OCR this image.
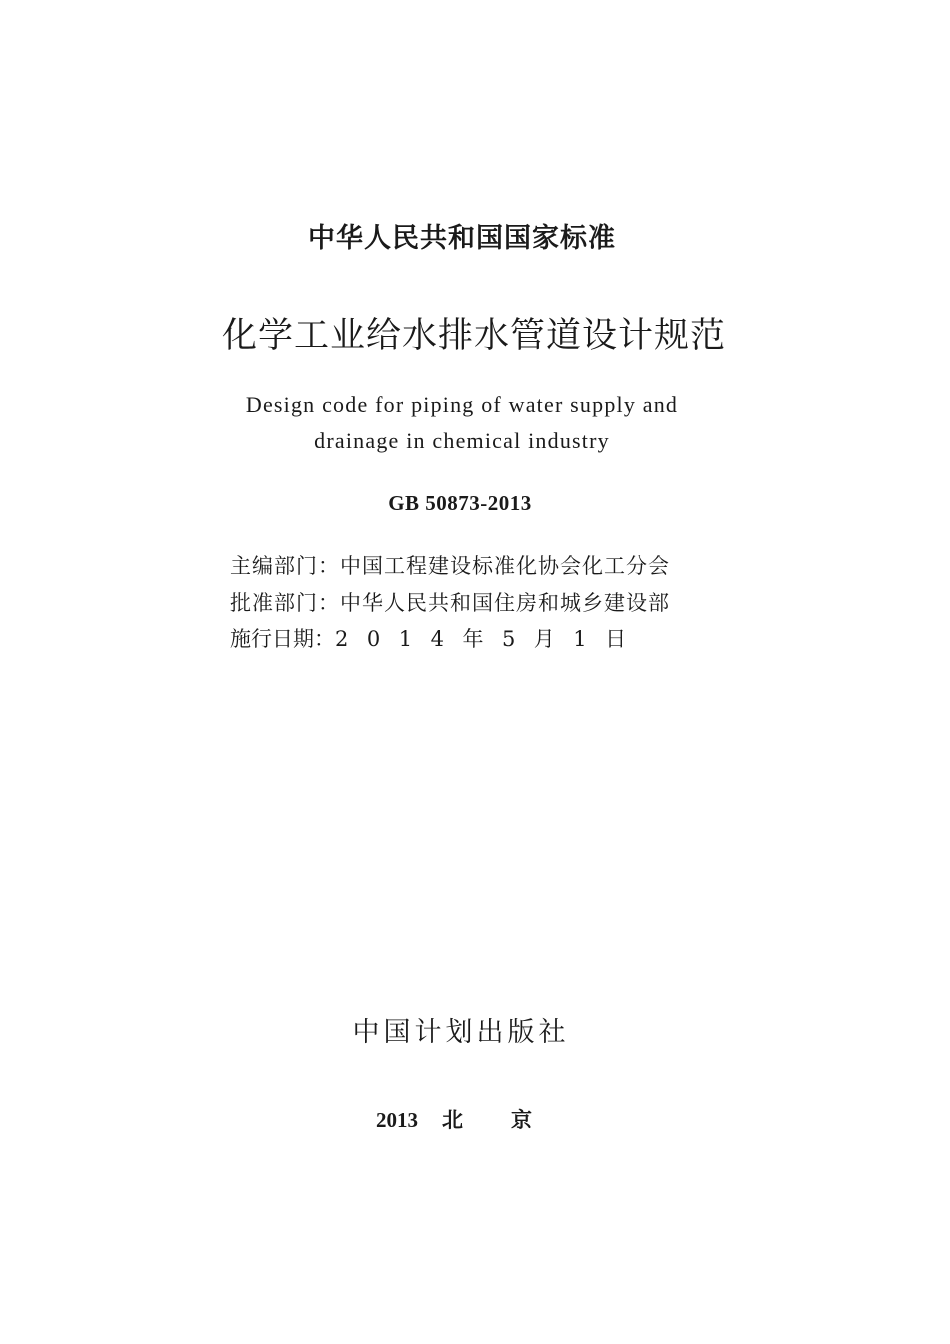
中华人民共和国国家标准
化学工业给水排水管道设计规范
Design code for piping of water supply and
drainage in chemical industry
GB 50873-2013
主编部门：中国工程建设标准化协会化工分会
批准部门：中华人民共和国住房和城乡建设部
施行日期：2014年5月1日
中国计划出版社
2013 北京
